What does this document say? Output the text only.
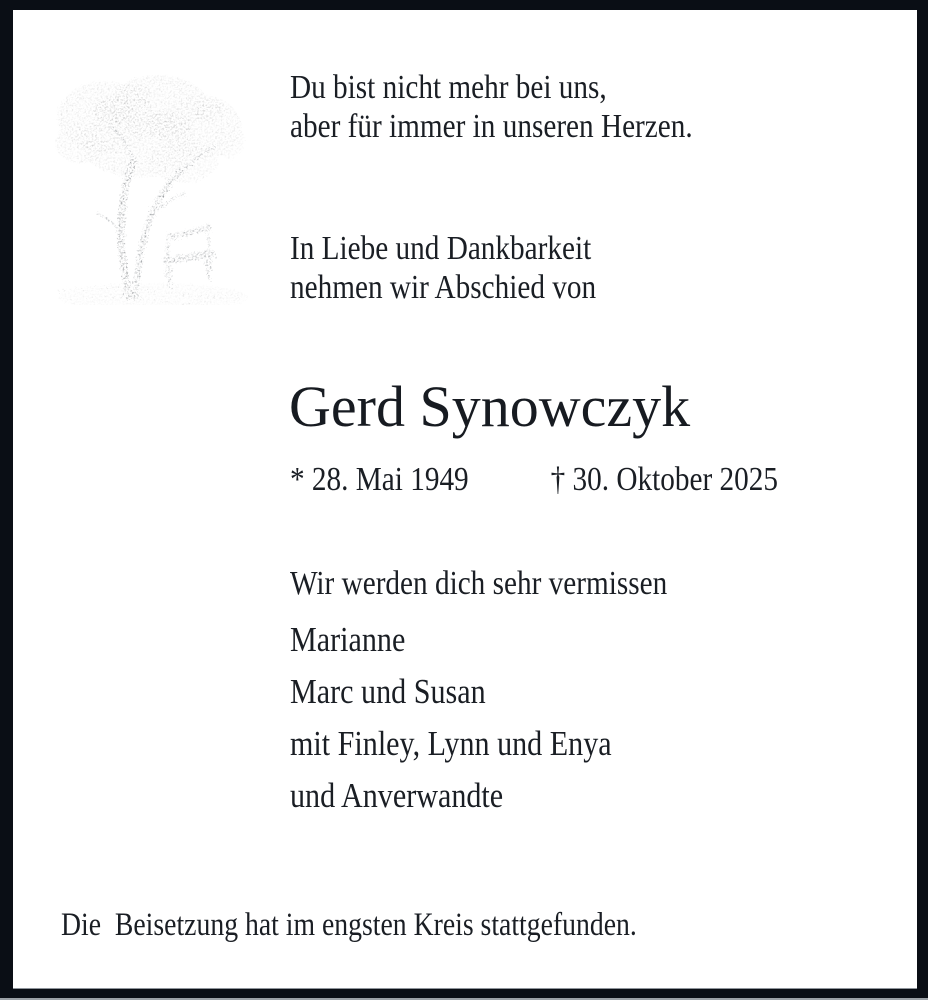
Du bist nicht mehr bei uns,
aber für immer in unseren Herzen.
In Liebe und Dankbarkeit
nehmen wir Abschied von
Gerd Synowczyk
* 28. Mai 1949 † 30. Oktober 2025
Wir werden dich sehr vermissen
Marianne
Marc und Susan
mit Finley, Lynn und Enya
und Anverwandte
Die  Beisetzung hat im engsten Kreis stattgefunden.
